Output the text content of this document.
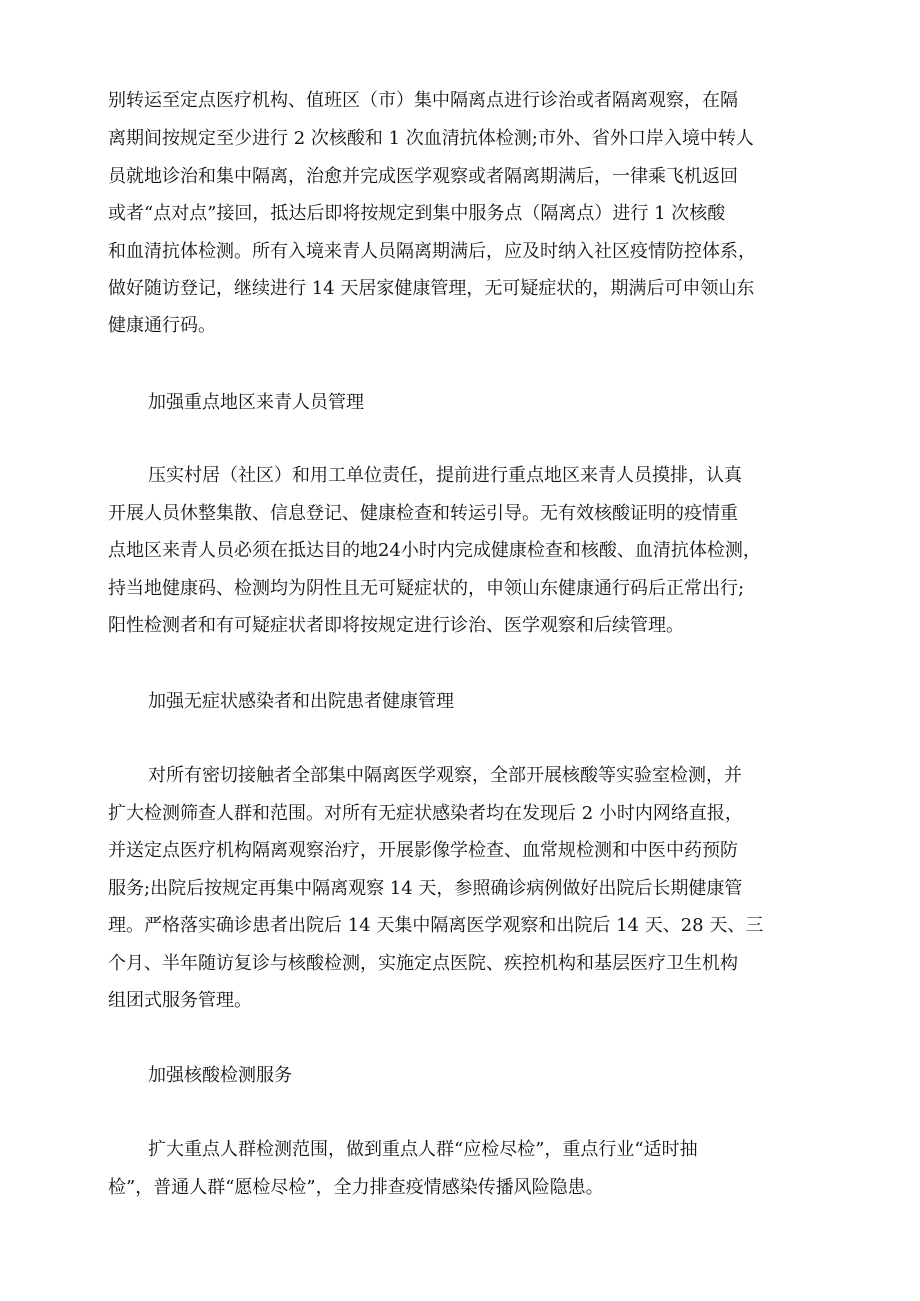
别转运至定点医疗机构、值班区（市）集中隔离点进行诊治或者隔离观察，在隔
离期间按规定至少进行 2 次核酸和 1 次血清抗体检测;市外、省外口岸入境中转人
员就地诊治和集中隔离，治愈并完成医学观察或者隔离期满后，一律乘飞机返回
或者“点对点”接回，抵达后即将按规定到集中服务点（隔离点）进行 1 次核酸
和血清抗体检测。所有入境来青人员隔离期满后，应及时纳入社区疫情防控体系，
做好随访登记，继续进行 14 天居家健康管理，无可疑症状的，期满后可申领山东
健康通行码。
加强重点地区来青人员管理
压实村居（社区）和用工单位责任，提前进行重点地区来青人员摸排，认真
开展人员休整集散、信息登记、健康检查和转运引导。无有效核酸证明的疫情重
点地区来青人员必须在抵达目的地24小时内完成健康检查和核酸、血清抗体检测，
持当地健康码、检测均为阴性且无可疑症状的，申领山东健康通行码后正常出行;
阳性检测者和有可疑症状者即将按规定进行诊治、医学观察和后续管理。
加强无症状感染者和出院患者健康管理
对所有密切接触者全部集中隔离医学观察，全部开展核酸等实验室检测，并
扩大检测筛查人群和范围。对所有无症状感染者均在发现后 2 小时内网络直报，
并送定点医疗机构隔离观察治疗，开展影像学检查、血常规检测和中医中药预防
服务;出院后按规定再集中隔离观察 14 天，参照确诊病例做好出院后长期健康管
理。严格落实确诊患者出院后 14 天集中隔离医学观察和出院后 14 天、28 天、三
个月、半年随访复诊与核酸检测，实施定点医院、疾控机构和基层医疗卫生机构
组团式服务管理。
加强核酸检测服务
扩大重点人群检测范围，做到重点人群“应检尽检”，重点行业“适时抽
检”，普通人群“愿检尽检”，全力排查疫情感染传播风险隐患。
